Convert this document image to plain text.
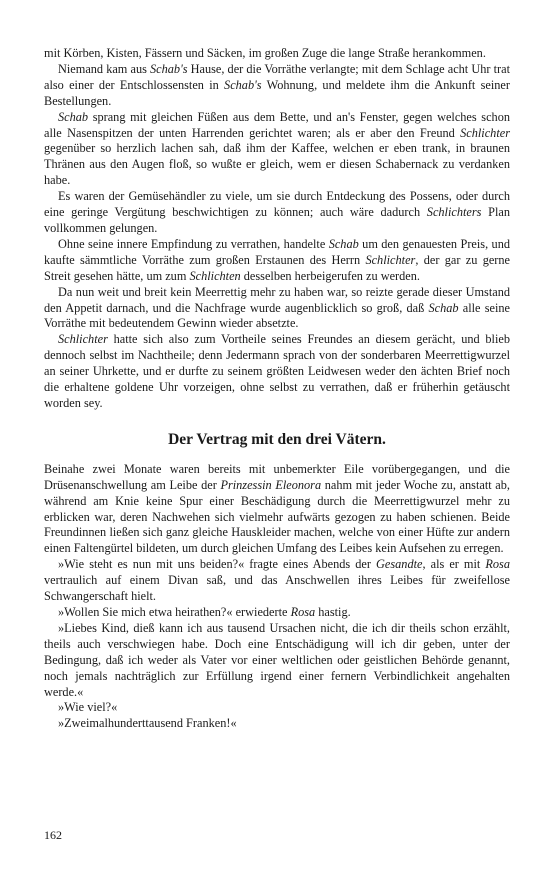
mit Körben, Kisten, Fässern und Säcken, im großen Zuge die lange Straße herankommen.

Niemand kam aus Schab's Hause, der die Vorräthe verlangte; mit dem Schlage acht Uhr trat also einer der Entschlossensten in Schab's Wohnung, und meldete ihm die Ankunft seiner Bestellungen.

Schab sprang mit gleichen Füßen aus dem Bette, und an's Fenster, gegen welches schon alle Nasenspitzen der unten Harrenden gerichtet waren; als er aber den Freund Schlichter gegenüber so herzlich lachen sah, daß ihm der Kaffee, welchen er eben trank, in braunen Thränen aus den Augen floß, so wußte er gleich, wem er diesen Schabernack zu verdanken habe.

Es waren der Gemüsehändler zu viele, um sie durch Entdeckung des Possens, oder durch eine geringe Vergütung beschwichtigen zu können; auch wäre dadurch Schlichters Plan vollkommen gelungen.

Ohne seine innere Empfindung zu verrathen, handelte Schab um den genauesten Preis, und kaufte sämmtliche Vorräthe zum großen Erstaunen des Herrn Schlichter, der gar zu gerne Streit gesehen hätte, um zum Schlichten desselben herbeigerufen zu werden.

Da nun weit und breit kein Meerrettig mehr zu haben war, so reizte gerade dieser Umstand den Appetit darnach, und die Nachfrage wurde augenblicklich so groß, daß Schab alle seine Vorräthe mit bedeutendem Gewinn wieder absetzte.

Schlichter hatte sich also zum Vortheile seines Freundes an diesem gerächt, und blieb dennoch selbst im Nachtheile; denn Jedermann sprach von der sonderbaren Meerrettigwurzel an seiner Uhrkette, und er durfte zu seinem größten Leidwesen weder den ächten Brief noch die erhaltene goldene Uhr vorzeigen, ohne selbst zu verrathen, daß er früherhin getäuscht worden sey.

Der Vertrag mit den drei Vätern.

Beinahe zwei Monate waren bereits mit unbemerkter Eile vorübergegangen, und die Drüsenanschwellung am Leibe der Prinzessin Eleonora nahm mit jeder Woche zu, anstatt ab, während am Knie keine Spur einer Beschädigung durch die Meerrettigwurzel mehr zu erblicken war, deren Nachwehen sich vielmehr aufwärts gezogen zu haben schienen. Beide Freundinnen ließen sich ganz gleiche Hauskleider machen, welche von einer Hüfte zur andern einen Faltengürtel bildeten, um durch gleichen Umfang des Leibes kein Aufsehen zu erregen.

»Wie steht es nun mit uns beiden?« fragte eines Abends der Gesandte, als er mit Rosa vertraulich auf einem Divan saß, und das Anschwellen ihres Leibes für zweifellose Schwangerschaft hielt.

»Wollen Sie mich etwa heirathen?« erwiederte Rosa hastig.

»Liebes Kind, dieß kann ich aus tausend Ursachen nicht, die ich dir theils schon erzählt, theils auch verschwiegen habe. Doch eine Entschädigung will ich dir geben, unter der Bedingung, daß ich weder als Vater vor einer weltlichen oder geistlichen Behörde genannt, noch jemals nachträglich zur Erfüllung irgend einer fernern Verbindlichkeit angehalten werde.«

»Wie viel?«

»Zweimalhunderttausend Franken!«

162
